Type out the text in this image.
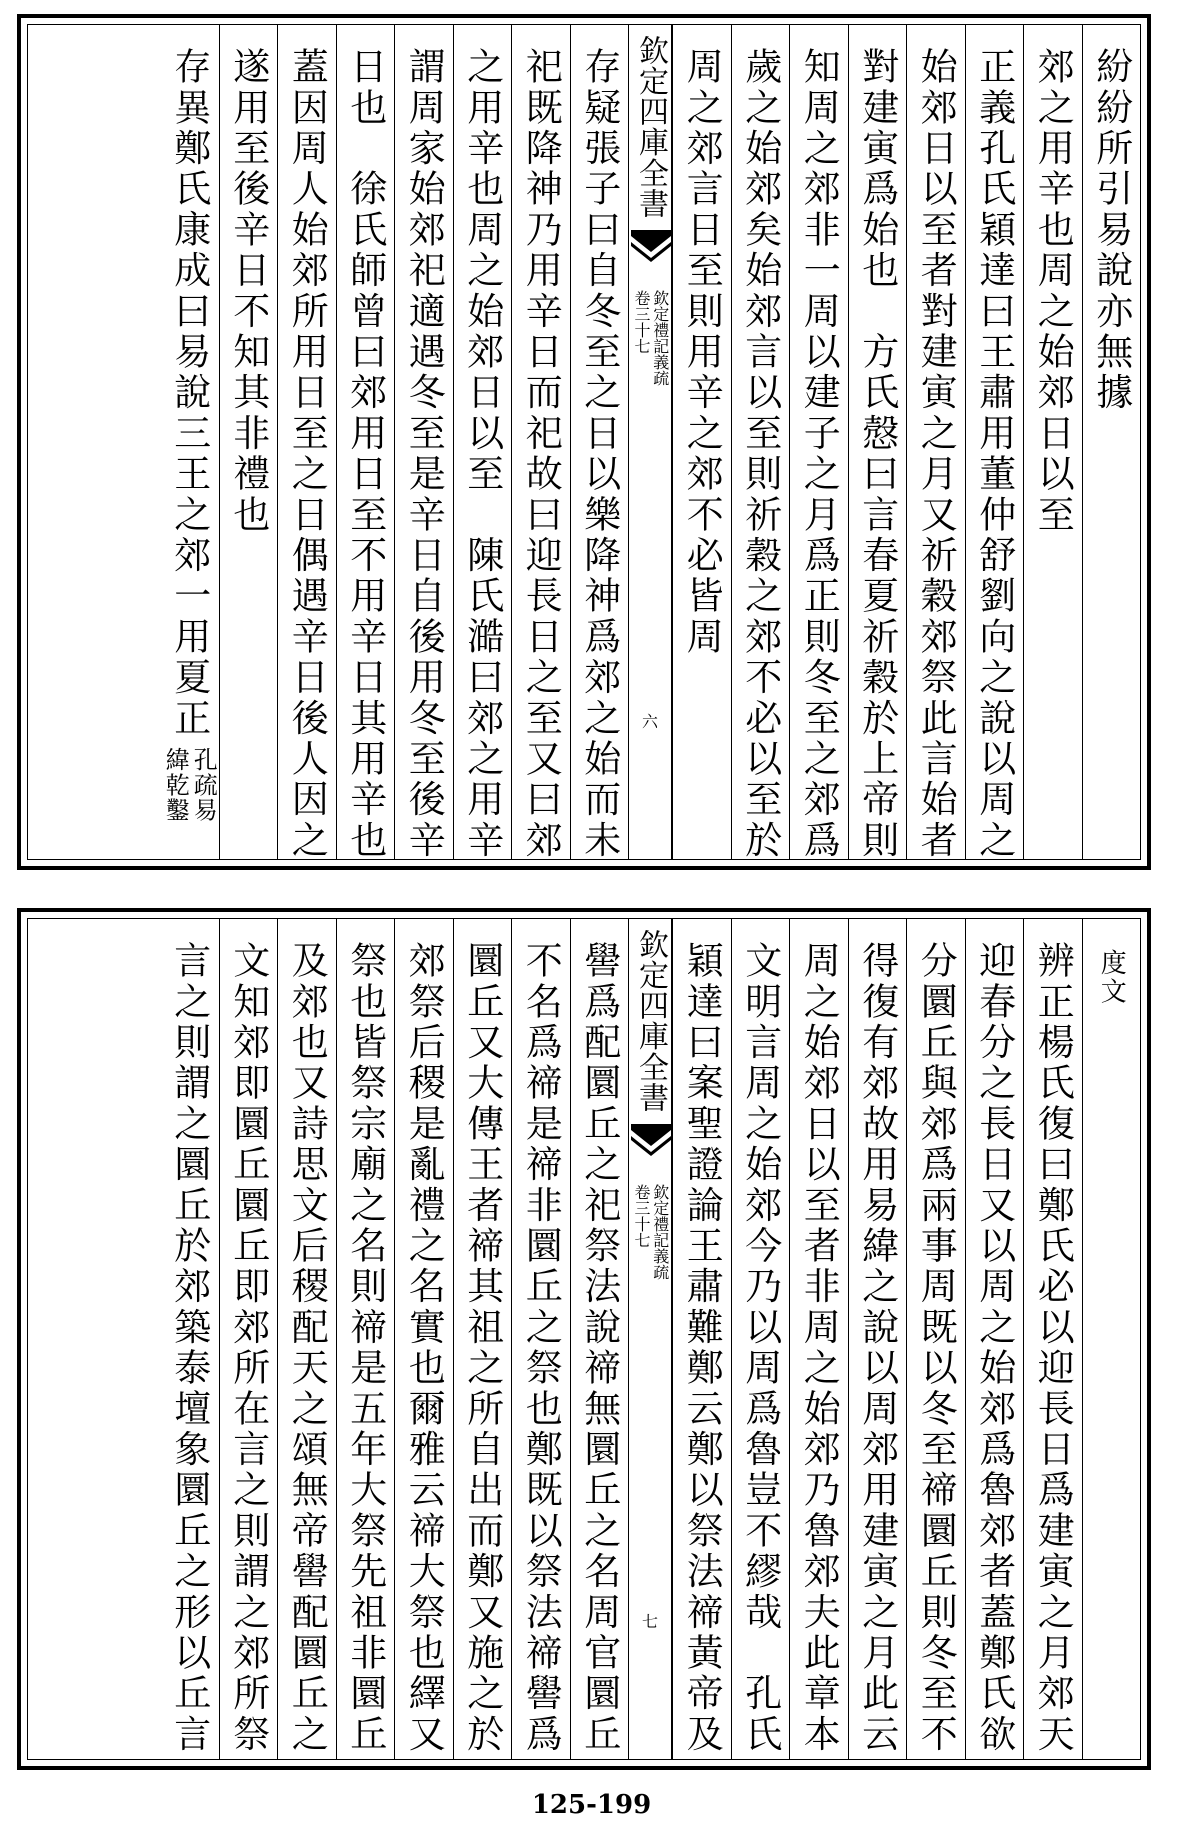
紛紛所引易說亦無據
郊之用辛也周之始郊日以至
正義孔氏穎達曰王肅用董仲舒劉向之說以周之
始郊日以至者對建寅之月又祈穀郊祭此言始者
對建寅爲始也　方氏慤曰言春夏祈穀於上帝則
知周之郊非一周以建子之月爲正則冬至之郊爲
歲之始郊矣始郊言以至則祈穀之郊不必以至於
周之郊言日至則用辛之郊不必皆周
欽定四庫全書
欽定禮記義疏
卷三十七
六
存疑張子曰自冬至之日以樂降神爲郊之始而未
祀既降神乃用辛日而祀故曰迎長日之至又曰郊
之用辛也周之始郊日以至　陳氏澔曰郊之用辛
謂周家始郊祀適遇冬至是辛日自後用冬至後辛
日也　徐氏師曾曰郊用日至不用辛日其用辛也
蓋因周人始郊所用日至之日偶遇辛日後人因之
遂用至後辛日不知其非禮也
存異鄭氏康成曰易說三王之郊一用夏正
孔疏易
緯乾鑿
度文
辨正楊氏復曰鄭氏必以迎長日爲建寅之月郊天
迎春分之長日又以周之始郊爲魯郊者蓋鄭氏欲
分圜丘與郊爲兩事周既以冬至禘圜丘則冬至不
得復有郊故用易緯之說以周郊用建寅之月此云
周之始郊日以至者非周之始郊乃魯郊夫此章本
文明言周之始郊今乃以周爲魯豈不繆哉　孔氏
穎達曰案聖證論王肅難鄭云鄭以祭法禘黃帝及
欽定四庫全書
欽定禮記義疏
卷三十七
七
嚳爲配圜丘之祀祭法說禘無圜丘之名周官圜丘
不名爲禘是禘非圜丘之祭也鄭既以祭法禘嚳爲
圜丘又大傳王者禘其祖之所自出而鄭又施之於
郊祭后稷是亂禮之名實也爾雅云禘大祭也繹又
祭也皆祭宗廟之名則禘是五年大祭先祖非圜丘
及郊也又詩思文后稷配天之頌無帝嚳配圜丘之
文知郊即圜丘圜丘即郊所在言之則謂之郊所祭
言之則謂之圜丘於郊築泰壇象圜丘之形以丘言
125-199
